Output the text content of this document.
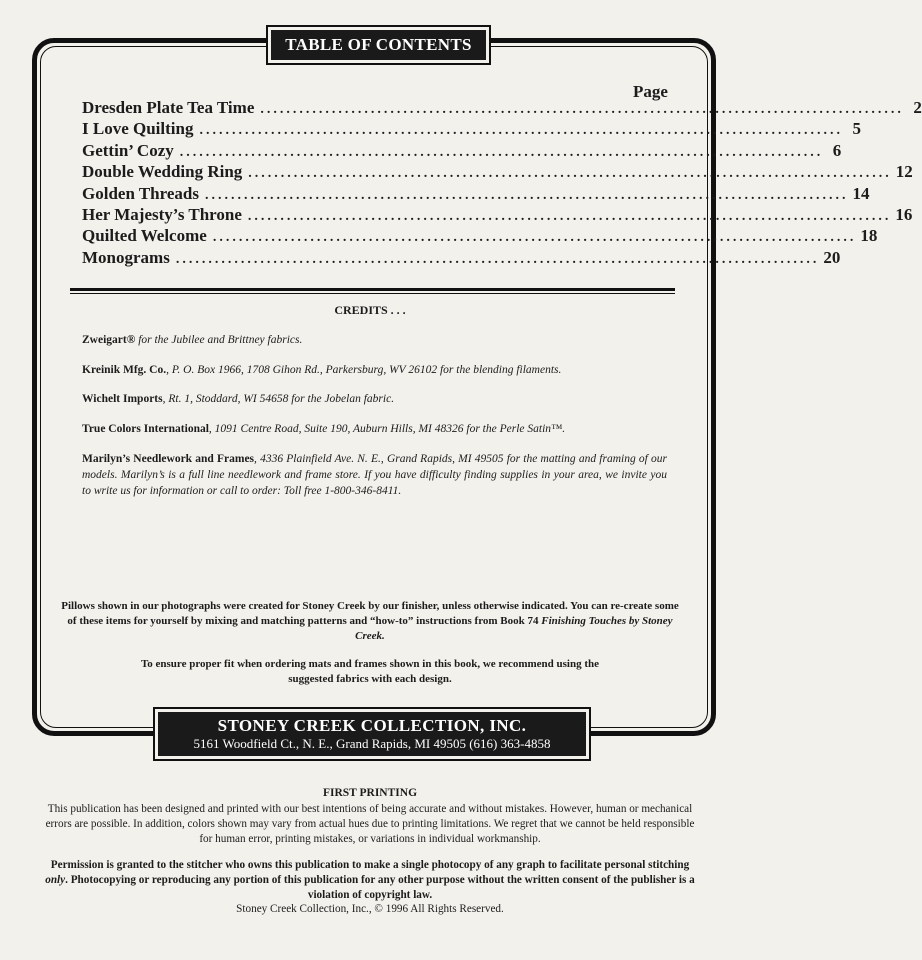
TABLE OF CONTENTS
Page
Dresden Plate Tea Time ................................................................................................... 2
I Love Quilting ................................................................................................... 5
Gettin’ Cozy ................................................................................................... 6
Double Wedding Ring ................................................................................................... 12
Golden Threads ................................................................................................... 14
Her Majesty’s Throne ................................................................................................... 16
Quilted Welcome ................................................................................................... 18
Monograms ................................................................................................... 20
CREDITS . . .
Zweigart® for the Jubilee and Brittney fabrics.
Kreinik Mfg. Co., P. O. Box 1966, 1708 Gihon Rd., Parkersburg, WV 26102 for the blending filaments.
Wichelt Imports, Rt. 1, Stoddard, WI 54658 for the Jobelan fabric.
True Colors International, 1091 Centre Road, Suite 190, Auburn Hills, MI 48326 for the Perle Satin™.
Marilyn’s Needlework and Frames, 4336 Plainfield Ave. N. E., Grand Rapids, MI 49505 for the matting and framing of our models. Marilyn’s is a full line needlework and frame store. If you have difficulty finding supplies in your area, we invite you to write us for information or call to order: Toll free 1-800-346-8411.
Pillows shown in our photographs were created for Stoney Creek by our finisher, unless otherwise indicated. You can re-create some of these items for yourself by mixing and matching patterns and “how-to” instructions from Book 74 Finishing Touches by Stoney Creek.
To ensure proper fit when ordering mats and frames shown in this book, we recommend using the suggested fabrics with each design.
STONEY CREEK COLLECTION, INC.
5161 Woodfield Ct., N. E., Grand Rapids, MI 49505 (616) 363-4858
FIRST PRINTING
This publication has been designed and printed with our best intentions of being accurate and without mistakes. However, human or mechanical errors are possible. In addition, colors shown may vary from actual hues due to printing limitations. We regret that we cannot be held responsible for human error, printing mistakes, or variations in individual workmanship.
Permission is granted to the stitcher who owns this publication to make a single photocopy of any graph to facilitate personal stitching only. Photocopying or reproducing any portion of this publication for any other purpose without the written consent of the publisher is a violation of copyright law.
Stoney Creek Collection, Inc., © 1996 All Rights Reserved.
